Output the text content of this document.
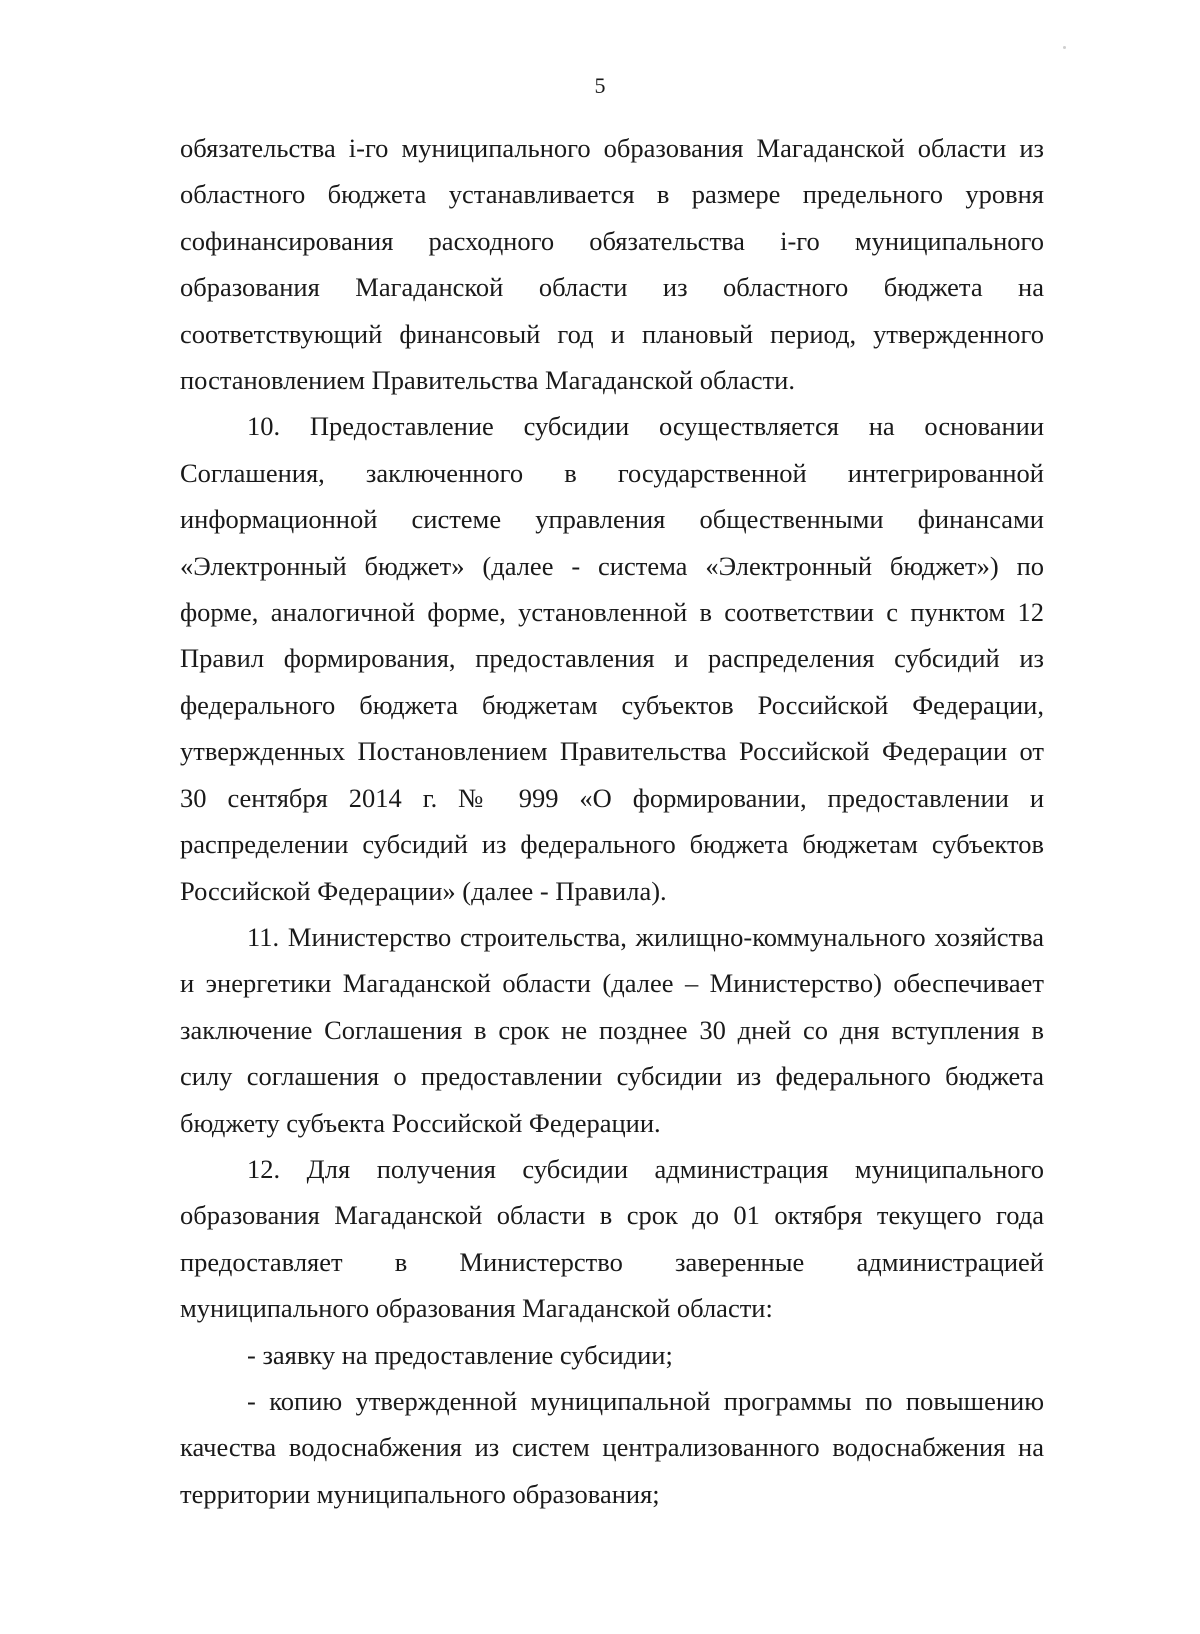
5

обязательства i-го муниципального образования Магаданской области из областного бюджета устанавливается в размере предельного уровня софинансирования расходного обязательства i-го муниципального образования Магаданской области из областного бюджета на соответствующий финансовый год и плановый период, утвержденного постановлением Правительства Магаданской области.

10. Предоставление субсидии осуществляется на основании Соглашения, заключенного в государственной интегрированной информационной системе управления общественными финансами «Электронный бюджет» (далее - система «Электронный бюджет») по форме, аналогичной форме, установленной в соответствии с пунктом 12 Правил формирования, предоставления и распределения субсидий из федерального бюджета бюджетам субъектов Российской Федерации, утвержденных Постановлением Правительства Российской Федерации от 30 сентября 2014 г. № 999 «О формировании, предоставлении и распределении субсидий из федерального бюджета бюджетам субъектов Российской Федерации» (далее - Правила).

11. Министерство строительства, жилищно-коммунального хозяйства и энергетики Магаданской области (далее – Министерство) обеспечивает заключение Соглашения в срок не позднее 30 дней со дня вступления в силу соглашения о предоставлении субсидии из федерального бюджета бюджету субъекта Российской Федерации.

12. Для получения субсидии администрация муниципального образования Магаданской области в срок до 01 октября текущего года предоставляет в Министерство заверенные администрацией муниципального образования Магаданской области:

- заявку на предоставление субсидии;

- копию утвержденной муниципальной программы по повышению качества водоснабжения из систем централизованного водоснабжения на территории муниципального образования;
